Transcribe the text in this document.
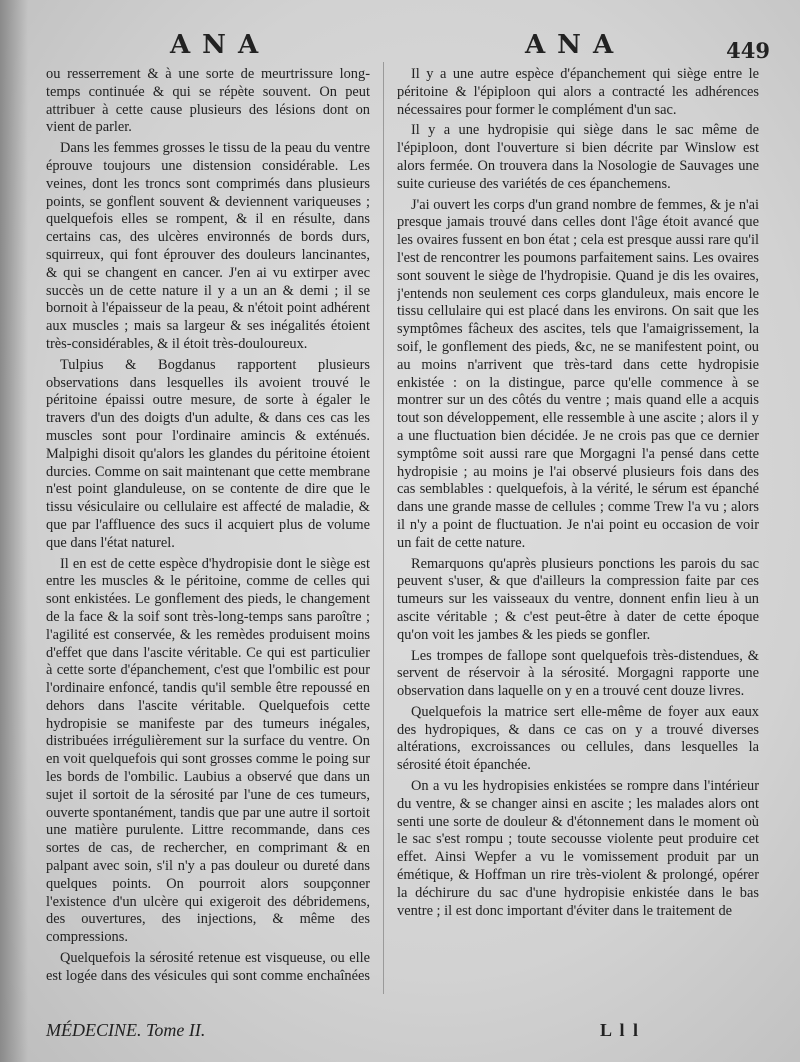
ANA	ANA	449

ou resserrement & à une sorte de meurtrissure long-temps continuée & qui se répète souvent. On peut attribuer à cette cause plusieurs des lésions dont on vient de parler.

Dans les femmes grosses le tissu de la peau du ventre éprouve toujours une distension considérable. Les veines, dont les troncs sont comprimés dans plusieurs points, se gonflent souvent & deviennent variqueuses ; quelquefois elles se rompent, & il en résulte, dans certains cas, des ulcères environnés de bords durs, squirreux, qui font éprouver des douleurs lancinantes, & qui se changent en cancer. J'en ai vu extirper avec succès un de cette nature il y a un an & demi ; il se bornoit à l'épaisseur de la peau, & n'étoit point adhérent aux muscles ; mais sa largeur & ses inégalités étoient très-considérables, & il étoit très-douloureux.

Tulpius & Bogdanus rapportent plusieurs observations dans lesquelles ils avoient trouvé le péritoine épaissi outre mesure, de sorte à égaler le travers d'un des doigts d'un adulte, & dans ces cas les muscles sont pour l'ordinaire amincis & exténués. Malpighi disoit qu'alors les glandes du péritoine étoient durcies. Comme on sait maintenant que cette membrane n'est point glanduleuse, on se contente de dire que le tissu vésiculaire ou cellulaire est affecté de maladie, & que par l'affluence des sucs il acquiert plus de volume que dans l'état naturel.

Il en est de cette espèce d'hydropisie dont le siège est entre les muscles & le péritoine, comme de celles qui sont enkistées. Le gonflement des pieds, le changement de la face & la soif sont très-long-temps sans paroître ; l'agilité est conservée, & les remèdes produisent moins d'effet que dans l'ascite véritable. Ce qui est particulier à cette sorte d'épanchement, c'est que l'ombilic est pour l'ordinaire enfoncé, tandis qu'il semble être repoussé en dehors dans l'ascite véritable. Quelquefois cette hydropisie se manifeste par des tumeurs inégales, distribuées irrégulièrement sur la surface du ventre. On en voit quelquefois qui sont grosses comme le poing sur les bords de l'ombilic. Laubius a observé que dans un sujet il sortoit de la sérosité par l'une de ces tumeurs, ouverte spontanément, tandis que par une autre il sortoit une matière purulente. Littre recommande, dans ces sortes de cas, de rechercher, en comprimant & en palpant avec soin, s'il n'y a pas douleur ou dureté dans quelques points. On pourroit alors soupçonner l'existence d'un ulcère qui exigeroit des débridemens, des ouvertures, des injections, & même des compressions.

Quelquefois la sérosité retenue est visqueuse, ou elle est logée dans des vésicules qui sont comme enchaînées

Il y a une autre espèce d'épanchement qui siège entre le péritoine & l'épiploon qui alors a contracté les adhérences nécessaires pour former le complément d'un sac.

Il y a une hydropisie qui siège dans le sac même de l'épiploon, dont l'ouverture si bien décrite par Winslow est alors fermée. On trouvera dans la Nosologie de Sauvages une suite curieuse des variétés de ces épanchemens.

J'ai ouvert les corps d'un grand nombre de femmes, & je n'ai presque jamais trouvé dans celles dont l'âge étoit avancé que les ovaires fussent en bon état ; cela est presque aussi rare qu'il l'est de rencontrer les poumons parfaitement sains. Les ovaires sont souvent le siège de l'hydropisie. Quand je dis les ovaires, j'entends non seulement ces corps glanduleux, mais encore le tissu cellulaire qui est placé dans les environs. On sait que les symptômes fâcheux des ascites, tels que l'amaigrissement, la soif, le gonflement des pieds, &c, ne se manifestent point, ou au moins n'arrivent que très-tard dans cette hydropisie enkistée : on la distingue, parce qu'elle commence à se montrer sur un des côtés du ventre ; mais quand elle a acquis tout son développement, elle ressemble à une ascite ; alors il y a une fluctuation bien décidée. Je ne crois pas que ce dernier symptôme soit aussi rare que Morgagni l'a pensé dans cette hydropisie ; au moins je l'ai observé plusieurs fois dans des cas semblables : quelquefois, à la vérité, le sérum est épanché dans une grande masse de cellules ; comme Trew l'a vu ; alors il n'y a point de fluctuation. Je n'ai point eu occasion de voir un fait de cette nature.

Remarquons qu'après plusieurs ponctions les parois du sac peuvent s'user, & que d'ailleurs la compression faite par ces tumeurs sur les vaisseaux du ventre, donnent enfin lieu à un ascite véritable ; & c'est peut-être à dater de cette époque qu'on voit les jambes & les pieds se gonfler.

Les trompes de fallope sont quelquefois très-distendues, & servent de réservoir à la sérosité. Morgagni rapporte une observation dans laquelle on y en a trouvé cent douze livres.

Quelquefois la matrice sert elle-même de foyer aux eaux des hydropiques, & dans ce cas on y a trouvé diverses altérations, excroissances ou cellules, dans lesquelles la sérosité étoit épanchée.

On a vu les hydropisies enkistées se rompre dans l'intérieur du ventre, & se changer ainsi en ascite ; les malades alors ont senti une sorte de douleur & d'étonnement dans le moment où le sac s'est rompu ; toute secousse violente peut produire cet effet. Ainsi Wepfer a vu le vomissement produit par un émétique, & Hoffman un rire très-violent & prolongé, opérer la déchirure du sac d'une hydropisie enkistée dans le bas ventre ; il est donc important d'éviter dans le traitement de

MÉDECINE. Tome II.	L l l
